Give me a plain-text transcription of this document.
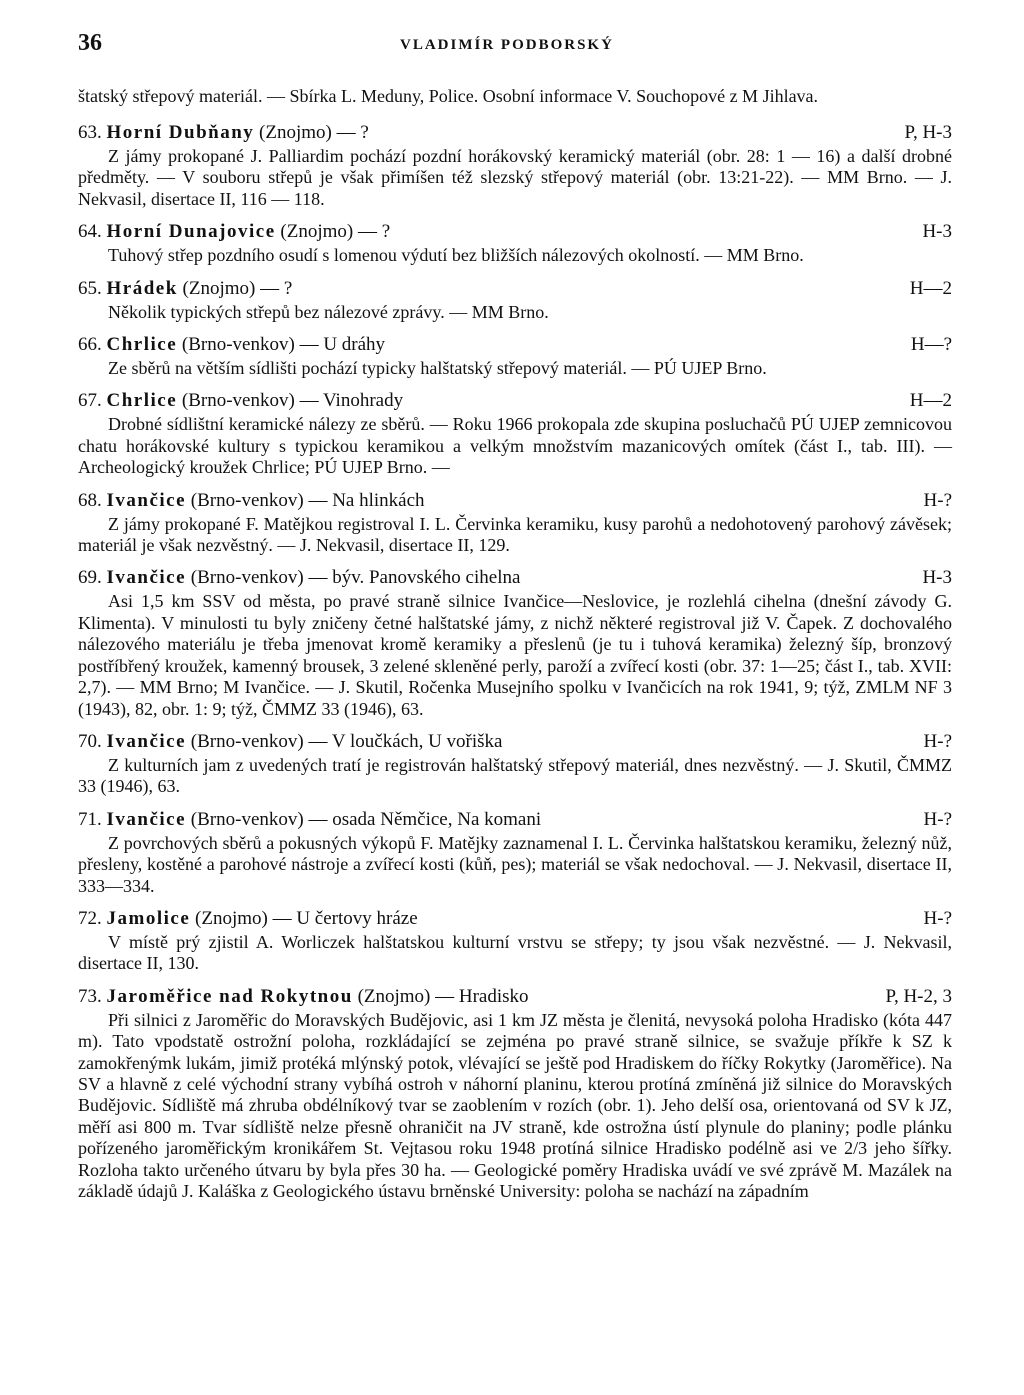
36	VLADIMÍR PODBORSKÝ

štatský střepový materiál. — Sbírka L. Meduny, Police. Osobní informace V. Souchopové z M Jihlava.

63. Horní Dubňany (Znojmo) — ?	P, H-3

Z jámy prokopané J. Palliardim pochází pozdní horákovský keramický materiál (obr. 28: 1 — 16) a další drobné předměty. — V souboru střepů je však přimíšen též slezský střepový materiál (obr. 13:21-22). — MM Brno. — J. Nekvasil, disertace II, 116 — 118.

64. Horní Dunajovice (Znojmo) — ?	H-3

Tuhový střep pozdního osudí s lomenou výdutí bez bližších nálezových okolností. — MM Brno.

65. Hrádek (Znojmo) — ?	H—2

Několik typických střepů bez nálezové zprávy. — MM Brno.

66. Chrlice (Brno-venkov) — U dráhy	H—?

Ze sběrů na větším sídlišti pochází typicky halštatský střepový materiál. — PÚ UJEP Brno.

67. Chrlice (Brno-venkov) — Vinohrady	H—2

Drobné sídlištní keramické nálezy ze sběrů. — Roku 1966 prokopala zde skupina posluchačů PÚ UJEP zemnicovou chatu horákovské kultury s typickou keramikou a velkým množstvím mazanicových omítek (část I., tab. III). — Archeologický kroužek Chrlice; PÚ UJEP Brno. —

68. Ivančice (Brno-venkov) — Na hlinkách	H-?

Z jámy prokopané F. Matějkou registroval I. L. Červinka keramiku, kusy parohů a nedohotovený parohový závěsek; materiál je však nezvěstný. — J. Nekvasil, disertace II, 129.

69. Ivančice (Brno-venkov) — býv. Panovského cihelna	H-3

Asi 1,5 km SSV od města, po pravé straně silnice Ivančice—Neslovice, je rozlehlá cihelna (dnešní závody G. Klimenta). V minulosti tu byly zničeny četné halštatské jámy, z nichž některé registroval již V. Čapek. Z dochovalého nálezového materiálu je třeba jmenovat kromě keramiky a přeslenů (je tu i tuhová keramika) železný šíp, bronzový postříbřený kroužek, kamenný brousek, 3 zelené skleněné perly, paroží a zvířecí kosti (obr. 37: 1—25; část I., tab. XVII: 2,7). — MM Brno; M Ivančice. — J. Skutil, Ročenka Musejního spolku v Ivančicích na rok 1941, 9; týž, ZMLM NF 3 (1943), 82, obr. 1: 9; týž, ČMMZ 33 (1946), 63.

70. Ivančice (Brno-venkov) — V loučkách, U vořiška	H-?

Z kulturních jam z uvedených tratí je registrován halštatský střepový materiál, dnes nezvěstný. — J. Skutil, ČMMZ 33 (1946), 63.

71. Ivančice (Brno-venkov) — osada Němčice, Na komani	H-?

Z povrchových sběrů a pokusných výkopů F. Matějky zaznamenal I. L. Červinka halštatskou keramiku, železný nůž, přesleny, kostěné a parohové nástroje a zvířecí kosti (kůň, pes); materiál se však nedochoval. — J. Nekvasil, disertace II, 333—334.

72. Jamolice (Znojmo) — U čertovy hráze	H-?

V místě prý zjistil A. Worliczek halštatskou kulturní vrstvu se střepy; ty jsou však nezvěstné. — J. Nekvasil, disertace II, 130.

73. Jaroměřice nad Rokytnou (Znojmo) — Hradisko	P, H-2, 3

Při silnici z Jaroměřic do Moravských Budějovic, asi 1 km JZ města je členitá, nevysoká poloha Hradisko (kóta 447 m). Tato vpodstatě ostrožní poloha, rozkládající se zejména po pravé straně silnice, se svažuje příkře k SZ k zamokřenýmk lukám, jimiž protéká mlýnský potok, vlévající se ještě pod Hradiskem do říčky Rokytky (Jaroměřice). Na SV a hlavně z celé východní strany vybíhá ostroh v náhorní planinu, kterou protíná zmíněná již silnice do Moravských Budějovic. Sídliště má zhruba obdélníkový tvar se zaoblením v rozích (obr. 1). Jeho delší osa, orientovaná od SV k JZ, měří asi 800 m. Tvar sídliště nelze přesně ohraničit na JV straně, kde ostrožna ústí plynule do planiny; podle plánku pořízeného jaroměřickým kronikářem St. Vejtasou roku 1948 protíná silnice Hradisko podélně asi ve 2/3 jeho šířky. Rozloha takto určeného útvaru by byla přes 30 ha. — Geologické poměry Hradiska uvádí ve své zprávě M. Mazálek na základě údajů J. Kaláška z Geologického ústavu brněnské University: poloha se nachází na západním
